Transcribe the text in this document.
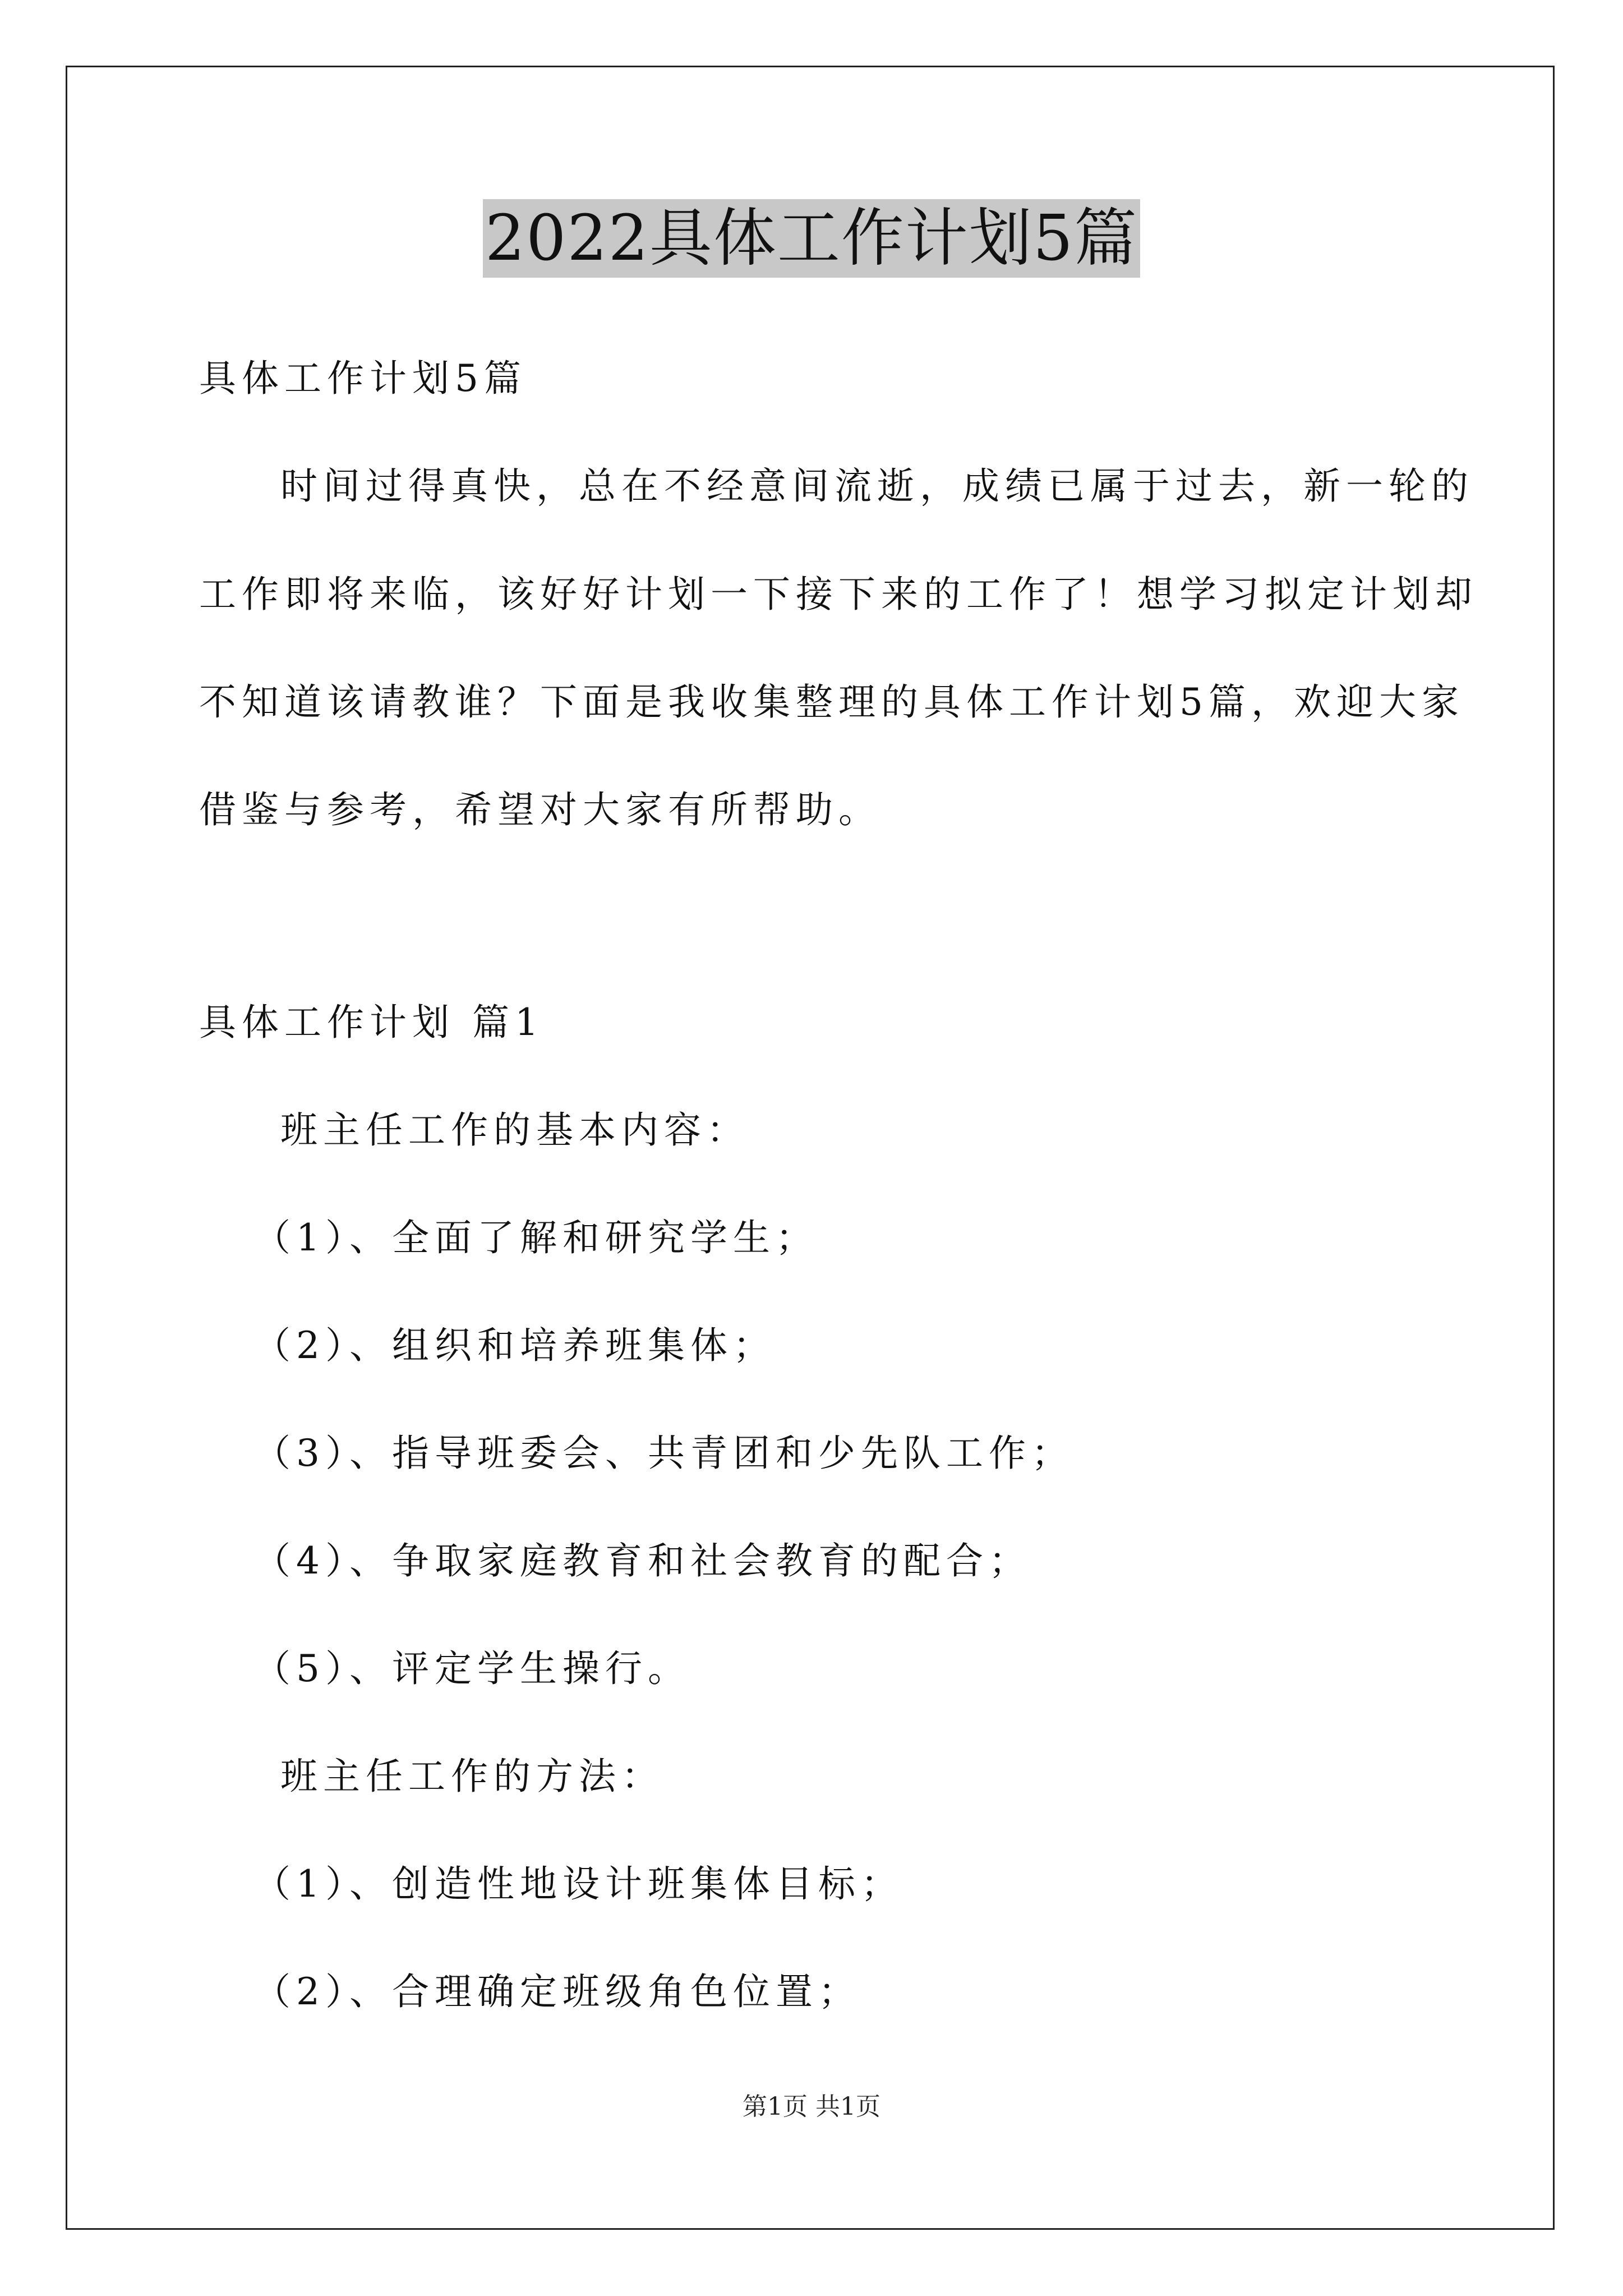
2022具体工作计划5篇
具体工作计划5篇
时间过得真快，总在不经意间流逝，成绩已属于过去，新一轮的
工作即将来临，该好好计划一下接下来的工作了！想学习拟定计划却
不知道该请教谁？下面是我收集整理的具体工作计划5篇，欢迎大家
借鉴与参考，希望对大家有所帮助。
具体工作计划 篇1
班主任工作的基本内容：
（1）、全面了解和研究学生；
（2）、组织和培养班集体；
（3）、指导班委会、共青团和少先队工作；
（4）、争取家庭教育和社会教育的配合；
（5）、评定学生操行。
班主任工作的方法：
（1）、创造性地设计班集体目标；
（2）、合理确定班级角色位置；
第1页 共1页
